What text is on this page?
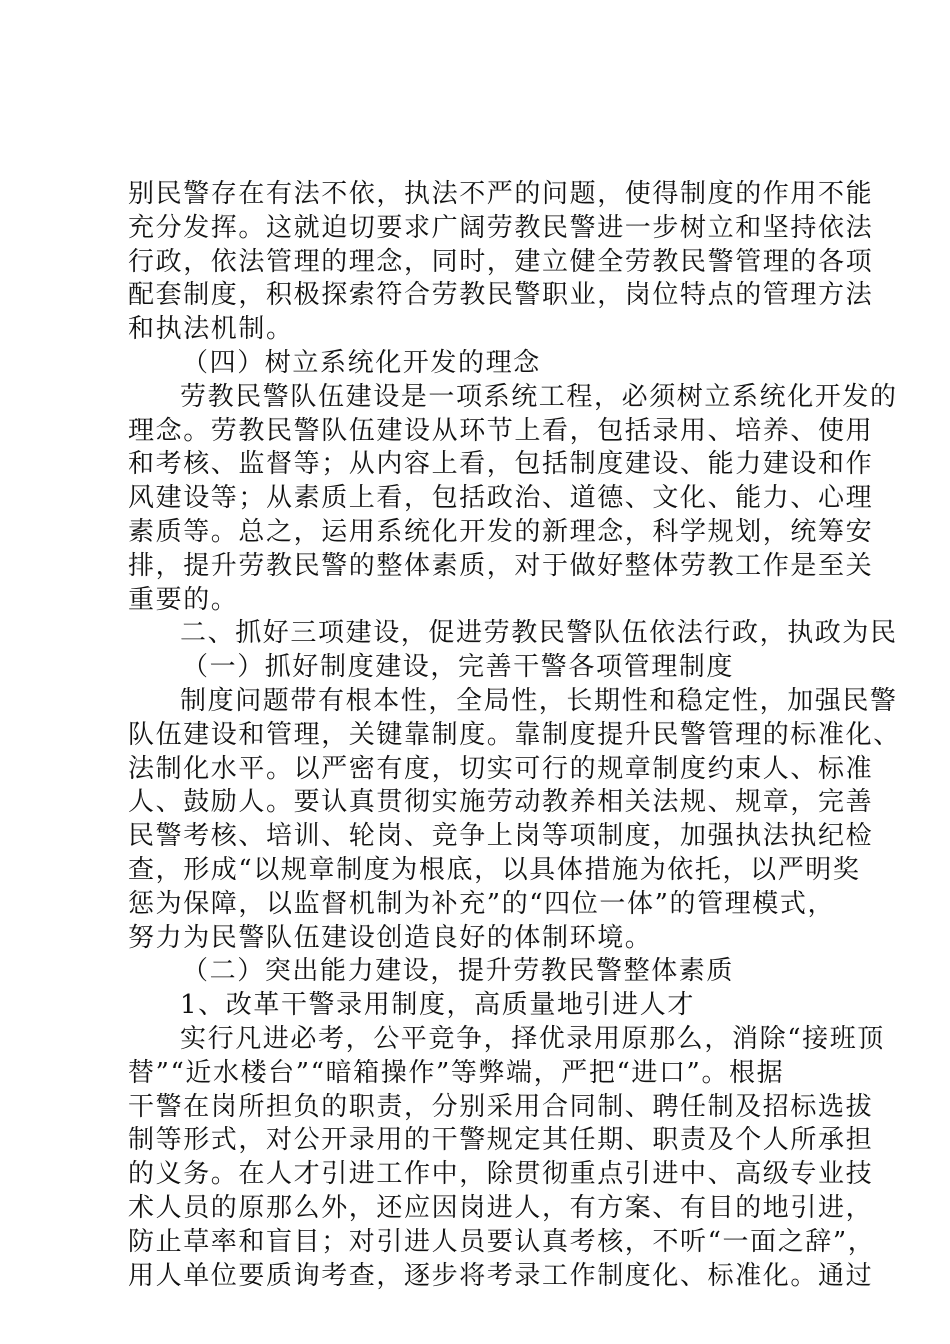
别民警存在有法不依，执法不严的问题，使得制度的作用不能
充分发挥。这就迫切要求广阔劳教民警进一步树立和坚持依法
行政，依法管理的理念，同时，建立健全劳教民警管理的各项
配套制度，积极探索符合劳教民警职业，岗位特点的管理方法
和执法机制。
（四）树立系统化开发的理念
劳教民警队伍建设是一项系统工程，必须树立系统化开发的
理念。劳教民警队伍建设从环节上看，包括录用、培养、使用
和考核、监督等；从内容上看，包括制度建设、能力建设和作
风建设等；从素质上看，包括政治、道德、文化、能力、心理
素质等。总之，运用系统化开发的新理念，科学规划，统筹安
排，提升劳教民警的整体素质，对于做好整体劳教工作是至关
重要的。
二、抓好三项建设，促进劳教民警队伍依法行政，执政为民
（一）抓好制度建设，完善干警各项管理制度
制度问题带有根本性，全局性，长期性和稳定性，加强民警
队伍建设和管理，关键靠制度。靠制度提升民警管理的标准化、
法制化水平。以严密有度，切实可行的规章制度约束人、标准
人、鼓励人。要认真贯彻实施劳动教养相关法规、规章，完善
民警考核、培训、轮岗、竞争上岗等项制度，加强执法执纪检
查，形成“以规章制度为根底，以具体措施为依托，以严明奖
惩为保障，以监督机制为补充”的“四位一体”的管理模式，
努力为民警队伍建设创造良好的体制环境。
（二）突出能力建设，提升劳教民警整体素质
1、改革干警录用制度，高质量地引进人才
实行凡进必考，公平竞争，择优录用原那么，消除“接班顶
替”“近水楼台”“暗箱操作”等弊端，严把“进口”。根据
干警在岗所担负的职责，分别采用合同制、聘任制及招标选拔
制等形式，对公开录用的干警规定其任期、职责及个人所承担
的义务。在人才引进工作中，除贯彻重点引进中、高级专业技
术人员的原那么外，还应因岗进人，有方案、有目的地引进，
防止草率和盲目；对引进人员要认真考核，不听“一面之辞”，
用人单位要质询考查，逐步将考录工作制度化、标准化。通过
